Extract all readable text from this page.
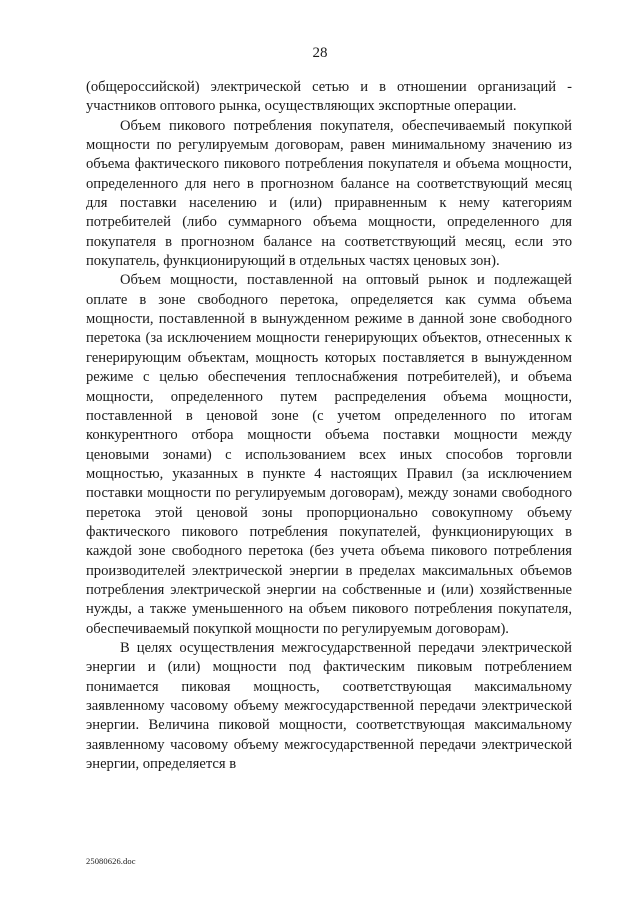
28

(общероссийской) электрической сетью и в отношении организаций - участников оптового рынка, осуществляющих экспортные операции.

Объем пикового потребления покупателя, обеспечиваемый покупкой мощности по регулируемым договорам, равен минимальному значению из объема фактического пикового потребления покупателя и объема мощности, определенного для него в прогнозном балансе на соответствующий месяц для поставки населению и (или) приравненным к нему категориям потребителей (либо суммарного объема мощности, определенного для покупателя в прогнозном балансе на соответствующий месяц, если это покупатель, функционирующий в отдельных частях ценовых зон).

Объем мощности, поставленной на оптовый рынок и подлежащей оплате в зоне свободного перетока, определяется как сумма объема мощности, поставленной в вынужденном режиме в данной зоне свободного перетока (за исключением мощности генерирующих объектов, отнесенных к генерирующим объектам, мощность которых поставляется в вынужденном режиме с целью обеспечения теплоснабжения потребителей), и объема мощности, определенного путем распределения объема мощности, поставленной в ценовой зоне (с учетом определенного по итогам конкурентного отбора мощности объема поставки мощности между ценовыми зонами) с использованием всех иных способов торговли мощностью, указанных в пункте 4 настоящих Правил (за исключением поставки мощности по регулируемым договорам), между зонами свободного перетока этой ценовой зоны пропорционально совокупному объему фактического пикового потребления покупателей, функционирующих в каждой зоне свободного перетока (без учета объема пикового потребления производителей электрической энергии в пределах максимальных объемов потребления электрической энергии на собственные и (или) хозяйственные нужды, а также уменьшенного на объем пикового потребления покупателя, обеспечиваемый покупкой мощности по регулируемым договорам).

В целях осуществления межгосударственной передачи электрической энергии и (или) мощности под фактическим пиковым потреблением понимается пиковая мощность, соответствующая максимальному заявленному часовому объему межгосударственной передачи электрической энергии. Величина пиковой мощности, соответствующая максимальному заявленному часовому объему межгосударственной передачи электрической энергии, определяется в

25080626.doc
